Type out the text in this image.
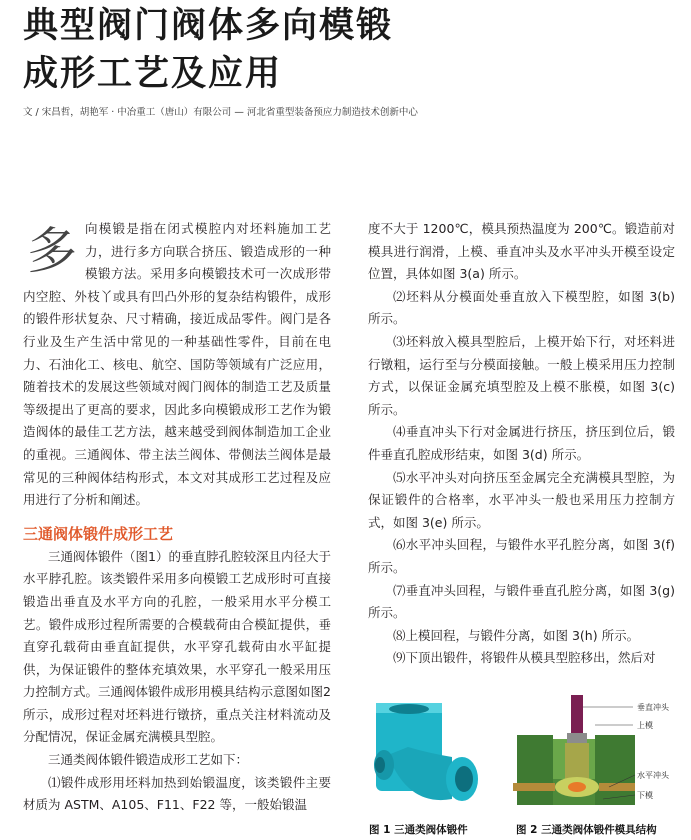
典型阀门阀体多向模锻
成形工艺及应用
文 / 宋昌哲，胡艳军 · 中冶重工（唐山）有限公司 — 河北省重型装备预应力制造技术创新中心
多 向模锻是指在闭式模腔内对坯料施加工艺力，进行多方向联合挤压、锻造成形的一种模锻方法。采用多向模锻技术可一次成形带内空腔、外枝丫或具有凹凸外形的复杂结构锻件，成形的锻件形状复杂、尺寸精确，接近成品零件。阀门是各行业及生产生活中常见的一种基础性零件，目前在电力、石油化工、核电、航空、国防等领域有广泛应用，随着技术的发展这些领域对阀门阀体的制造工艺及质量等级提出了更高的要求，因此多向模锻成形工艺作为锻造阀体的最佳工艺方法，越来越受到阀体制造加工企业的重视。三通阀体、带主法兰阀体、带侧法兰阀体是最常见的三种阀体结构形式，本文对其成形工艺过程及应用进行了分析和阐述。

三通阀体锻件成形工艺

三通阀体锻件（图1）的垂直脖孔腔较深且内径大于水平脖孔腔。该类锻件采用多向模锻工艺成形时可直接锻造出垂直及水平方向的孔腔，一般采用水平分模工艺。锻件成形过程所需要的合模载荷由合模缸提供，垂直穿孔载荷由垂直缸提供，水平穿孔载荷由水平缸提供，为保证锻件的整体充填效果，水平穿孔一般采用压力控制方式。三通阀体锻件成形用模具结构示意图如图2所示，成形过程对坯料进行镦挤，重点关注材料流动及分配情况，保证金属充满模具型腔。

三通类阀体锻件锻造成形工艺如下：

⑴锻件成形用坯料加热到始锻温度，该类锻件主要材质为 ASTM、A105、F11、F22 等，一般始锻温

度不大于 1200℃，模具预热温度为 200℃。锻造前对模具进行润滑，上模、垂直冲头及水平冲头开模至设定位置，具体如图 3(a) 所示。

⑵坯料从分模面处垂直放入下模型腔，如图 3(b) 所示。

⑶坯料放入模具型腔后，上模开始下行，对坯料进行镦粗，运行至与分模面接触。一般上模采用压力控制方式，以保证金属充填型腔及上模不胀模，如图 3(c) 所示。

⑷垂直冲头下行对金属进行挤压，挤压到位后，锻件垂直孔腔成形结束，如图 3(d) 所示。

⑸水平冲头对向挤压至金属完全充满模具型腔，为保证锻件的合格率，水平冲头一般也采用压力控制方式，如图 3(e) 所示。

⑹水平冲头回程，与锻件水平孔腔分离，如图 3(f) 所示。

⑺垂直冲头回程，与锻件垂直孔腔分离，如图 3(g) 所示。

⑻上模回程，与锻件分离，如图 3(h) 所示。

⑼下顶出锻件，将锻件从模具型腔移出，然后对

垂直冲头
上模
水平冲头
下模
图 1 三通类阀体锻件	图 2 三通类阀体锻件模具结构
